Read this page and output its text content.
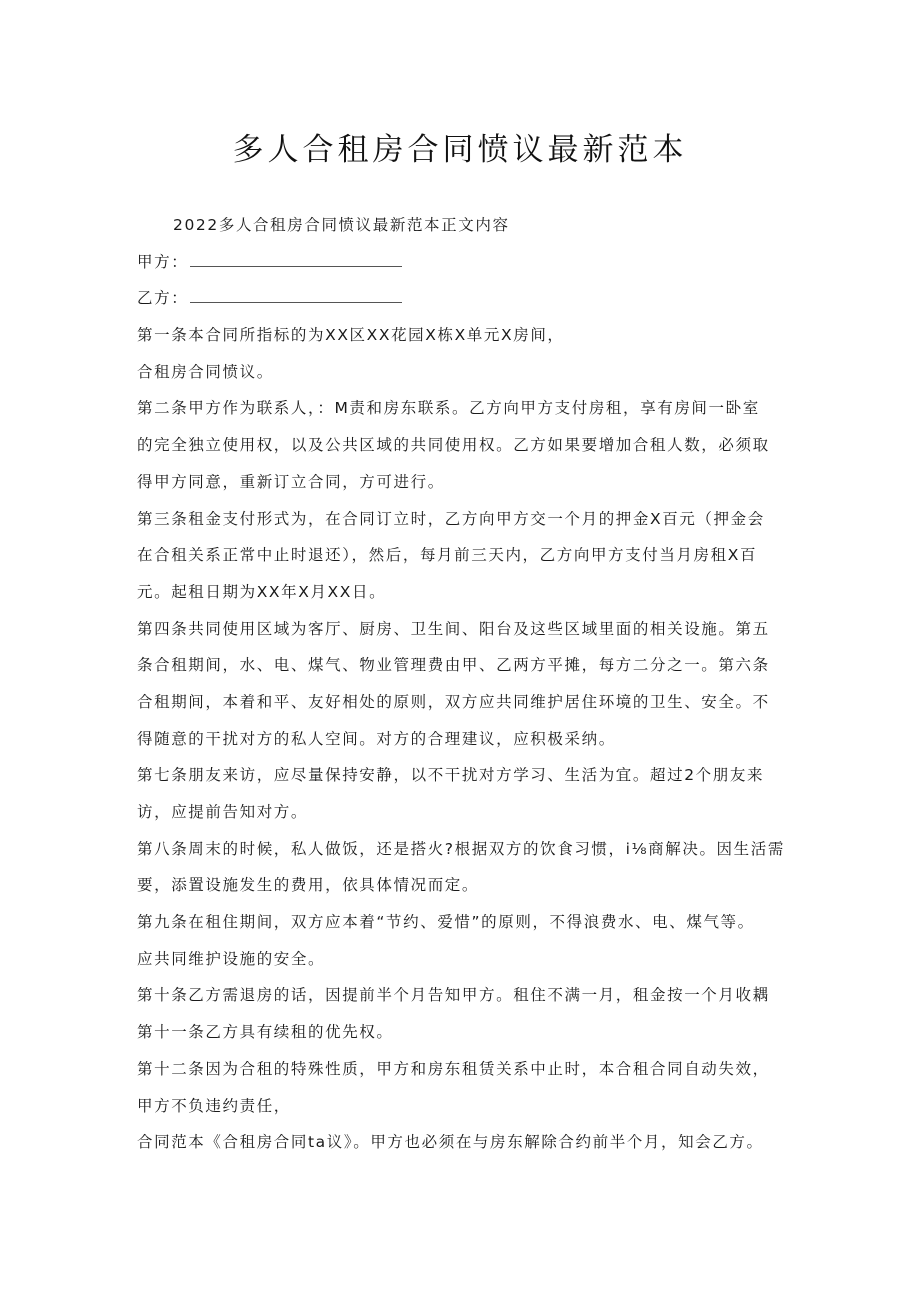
多人合租房合同愤议最新范本
2022多人合租房合同愤议最新范本正文内容
甲方：
乙方：
第一条本合同所指标的为XX区XX花园X栋X单元X房间，
合租房合同愤议。
第二条甲方作为联系人，：M责和房东联系。乙方向甲方支付房租，享有房间一卧室
的完全独立使用权，以及公共区域的共同使用权。乙方如果要增加合租人数，必须取
得甲方同意，重新订立合同，方可进行。
第三条租金支付形式为，在合同订立时，乙方向甲方交一个月的押金X百元（押金会
在合租关系正常中止时退还），然后，每月前三天内，乙方向甲方支付当月房租X百
元。起租日期为XX年X月XX日。
第四条共同使用区域为客厅、厨房、卫生间、阳台及这些区域里面的相关设施。第五
条合租期间，水、电、煤气、物业管理费由甲、乙两方平摊，每方二分之一。第六条
合租期间，本着和平、友好相处的原则，双方应共同维护居住环境的卫生、安全。不
得随意的干扰对方的私人空间。对方的合理建议，应积极采纳。
第七条朋友来访，应尽量保持安静，以不干扰对方学习、生活为宜。超过2个朋友来
访，应提前告知对方。
第八条周末的时候，私人做饭，还是搭火?根据双方的饮食习惯，i⅛商解决。因生活需
要，添置设施发生的费用，依具体情况而定。
第九条在租住期间，双方应本着“节约、爱惜”的原则，不得浪费水、电、煤气等。
应共同维护设施的安全。
第十条乙方需退房的话，因提前半个月告知甲方。租住不满一月，租金按一个月收耦
第十一条乙方具有续租的优先权。
第十二条因为合租的特殊性质，甲方和房东租赁关系中止时，本合租合同自动失效，
甲方不负违约责任，
合同范本《合租房合同ta议》。甲方也必须在与房东解除合约前半个月，知会乙方。
